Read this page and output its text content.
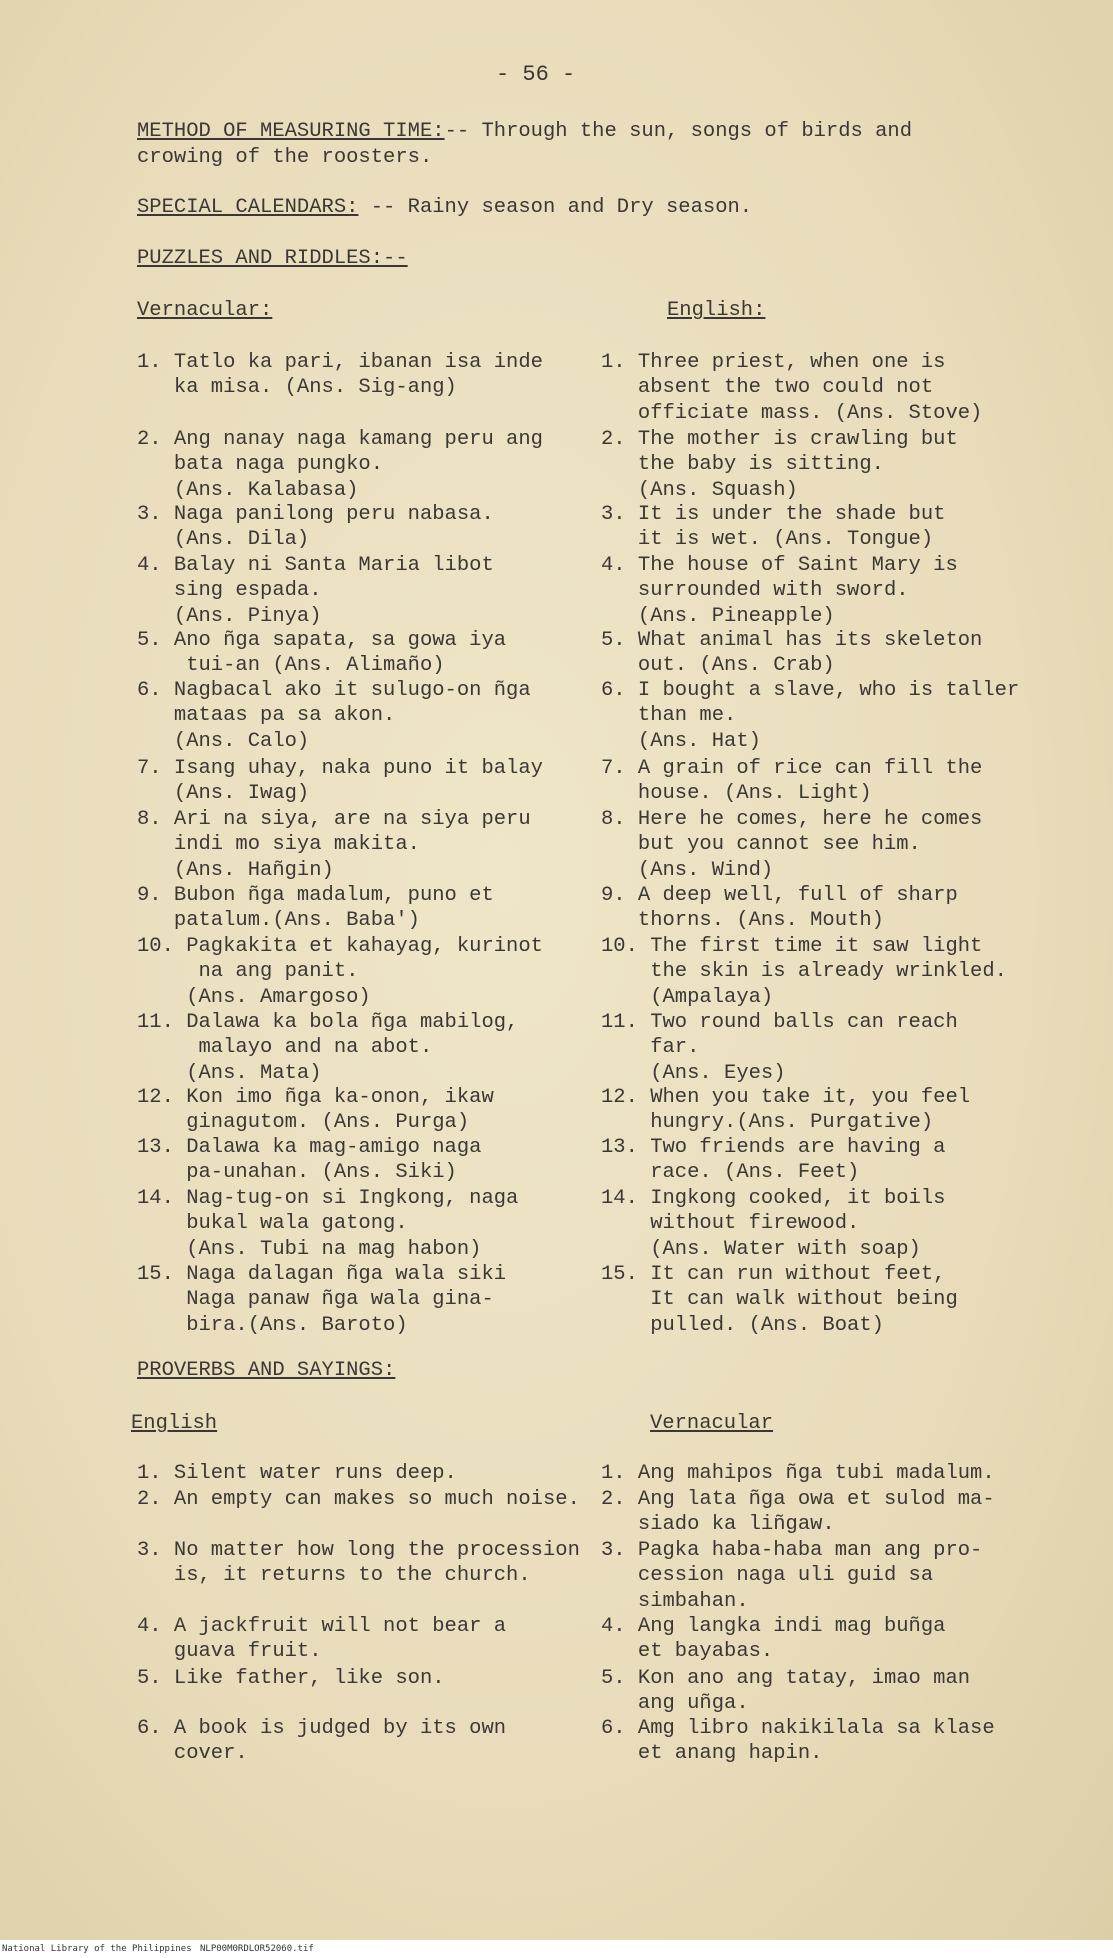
- 56 -
METHOD OF MEASURING TIME:-- Through the sun, songs of birds and
crowing of the roosters.
SPECIAL CALENDARS: -- Rainy season and Dry season.
PUZZLES AND RIDDLES:--
Vernacular:	English:
1. Tatlo ka pari, ibanan isa inde
ka misa. (Ans. Sig-ang)
2. Ang nanay naga kamang peru ang
bata naga pungko.
(Ans. Kalabasa)
3. Naga panilong peru nabasa.
(Ans. Dila)
4. Balay ni Santa Maria libot
sing espada.
(Ans. Pinya)
5. Ano ñga sapata, sa gowa iya
tui-an (Ans. Alimaño)
6. Nagbacal ako it sulugo-on ñga
mataas pa sa akon.
(Ans. Calo)
7. Isang uhay, naka puno it balay
(Ans. Iwag)
8. Ari na siya, are na siya peru
indi mo siya makita.
(Ans. Hañgin)
9. Bubon ñga madalum, puno et
patalum.(Ans. Baba')
10. Pagkakita et kahayag, kurinot
na ang panit.
(Ans. Amargoso)
11. Dalawa ka bola ñga mabilog,
malayo and na abot.
(Ans. Mata)
12. Kon imo ñga ka-onon, ikaw
ginagutom. (Ans. Purga)
13. Dalawa ka mag-amigo naga
pa-unahan. (Ans. Siki)
14. Nag-tug-on si Ingkong, naga
bukal wala gatong.
(Ans. Tubi na mag habon)
15. Naga dalagan ñga wala siki
Naga panaw ñga wala gina-
bira.(Ans. Baroto)
1. Three priest, when one is
absent the two could not
officiate mass. (Ans. Stove)
2. The mother is crawling but
the baby is sitting.
(Ans. Squash)
3. It is under the shade but
it is wet. (Ans. Tongue)
4. The house of Saint Mary is
surrounded with sword.
(Ans. Pineapple)
5. What animal has its skeleton
out. (Ans. Crab)
6. I bought a slave, who is taller
than me.
(Ans. Hat)
7. A grain of rice can fill the
house. (Ans. Light)
8. Here he comes, here he comes
but you cannot see him.
(Ans. Wind)
9. A deep well, full of sharp
thorns. (Ans. Mouth)
10. The first time it saw light
the skin is already wrinkled.
(Ampalaya)
11. Two round balls can reach
far.
(Ans. Eyes)
12. When you take it, you feel
hungry.(Ans. Purgative)
13. Two friends are having a
race. (Ans. Feet)
14. Ingkong cooked, it boils
without firewood.
(Ans. Water with soap)
15. It can run without feet,
It can walk without being
pulled. (Ans. Boat)
PROVERBS AND SAYINGS:
English	Vernacular
1. Silent water runs deep.
2. An empty can makes so much noise.
3. No matter how long the procession
is, it returns to the church.
4. A jackfruit will not bear a
guava fruit.
5. Like father, like son.
6. A book is judged by its own
cover.
1. Ang mahipos ñga tubi madalum.
2. Ang lata ñga owa et sulod ma-
siado ka liñgaw.
3. Pagka haba-haba man ang pro-
cession naga uli guid sa
simbahan.
4. Ang langka indi mag buñga
et bayabas.
5. Kon ano ang tatay, imao man
ang uñga.
6. Amg libro nakikilala sa klase
et anang hapin.
National Library of the Philippines NLP00M0RDLOR52060.tif
